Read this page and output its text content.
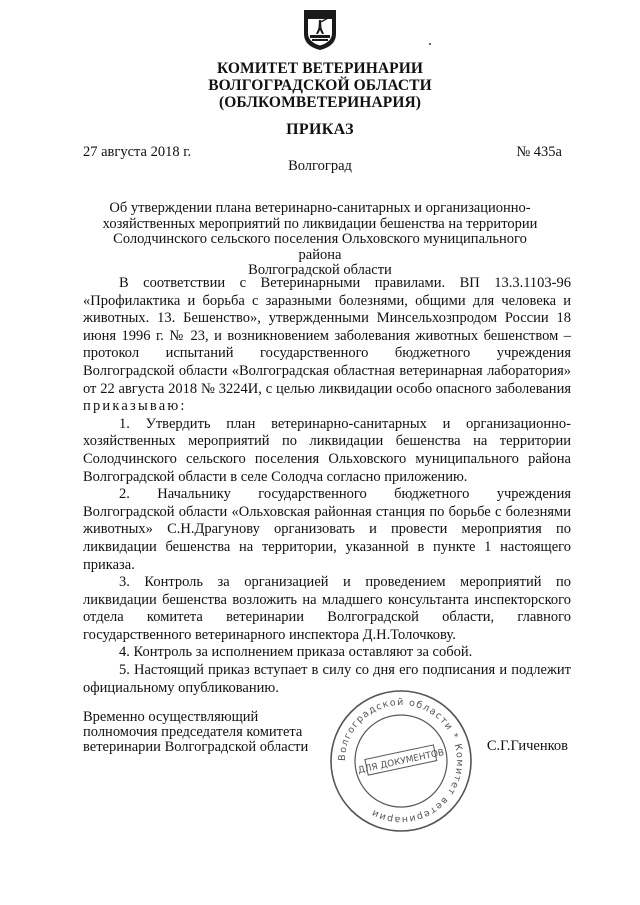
КОМИТЕТ ВЕТЕРИНАРИИ
ВОЛГОГРАДСКОЙ ОБЛАСТИ
(ОБЛКОМВЕТЕРИНАРИЯ)
ПРИКАЗ
27 августа 2018 г.	№ 435а
Волгоград
Об утверждении плана ветеринарно-санитарных и организационно-
хозяйственных мероприятий по ликвидации бешенства на территории
Солодчинского сельского поселения Ольховского муниципального района
Волгоградской области

В соответствии с Ветеринарными правилами. ВП 13.3.1103-96 «Профилактика и борьба с заразными болезнями, общими для человека и животных. 13. Бешенство», утвержденными Минсельхозпродом России 18 июня 1996 г. № 23, и возникновением заболевания животных бешенством – протокол испытаний государственного бюджетного учреждения Волгоградской области «Волгоградская областная ветеринарная лаборатория» от 22 августа 2018 № 3224И, с целью ликвидации особо опасного заболевания приказываю:

1. Утвердить план ветеринарно-санитарных и организационно-хозяйственных мероприятий по ликвидации бешенства на территории Солодчинского сельского поселения Ольховского муниципального района Волгоградской области в селе Солодча согласно приложению.

2. Начальнику государственного бюджетного учреждения Волгоградской области «Ольховская районная станция по борьбе с болезнями животных» С.Н.Драгунову организовать и провести мероприятия по ликвидации бешенства на территории, указанной в пункте 1 настоящего приказа.

3. Контроль за организацией и проведением мероприятий по ликвидации бешенства возложить на младшего консультанта инспекторского отдела комитета ветеринарии Волгоградской области, главного государственного ветеринарного инспектора Д.Н.Толочкову.

4. Контроль за исполнением приказа оставляют за собой.

5. Настоящий приказ вступает в силу со дня его подписания и подлежит официальному опубликованию.

Временно осуществляющий
полномочия председателя комитета
ветеринарии Волгоградской области	С.Г.Гиченков
Волгоградской области * Комитет ветеринарии
ДЛЯ ДОКУМЕНТОВ
